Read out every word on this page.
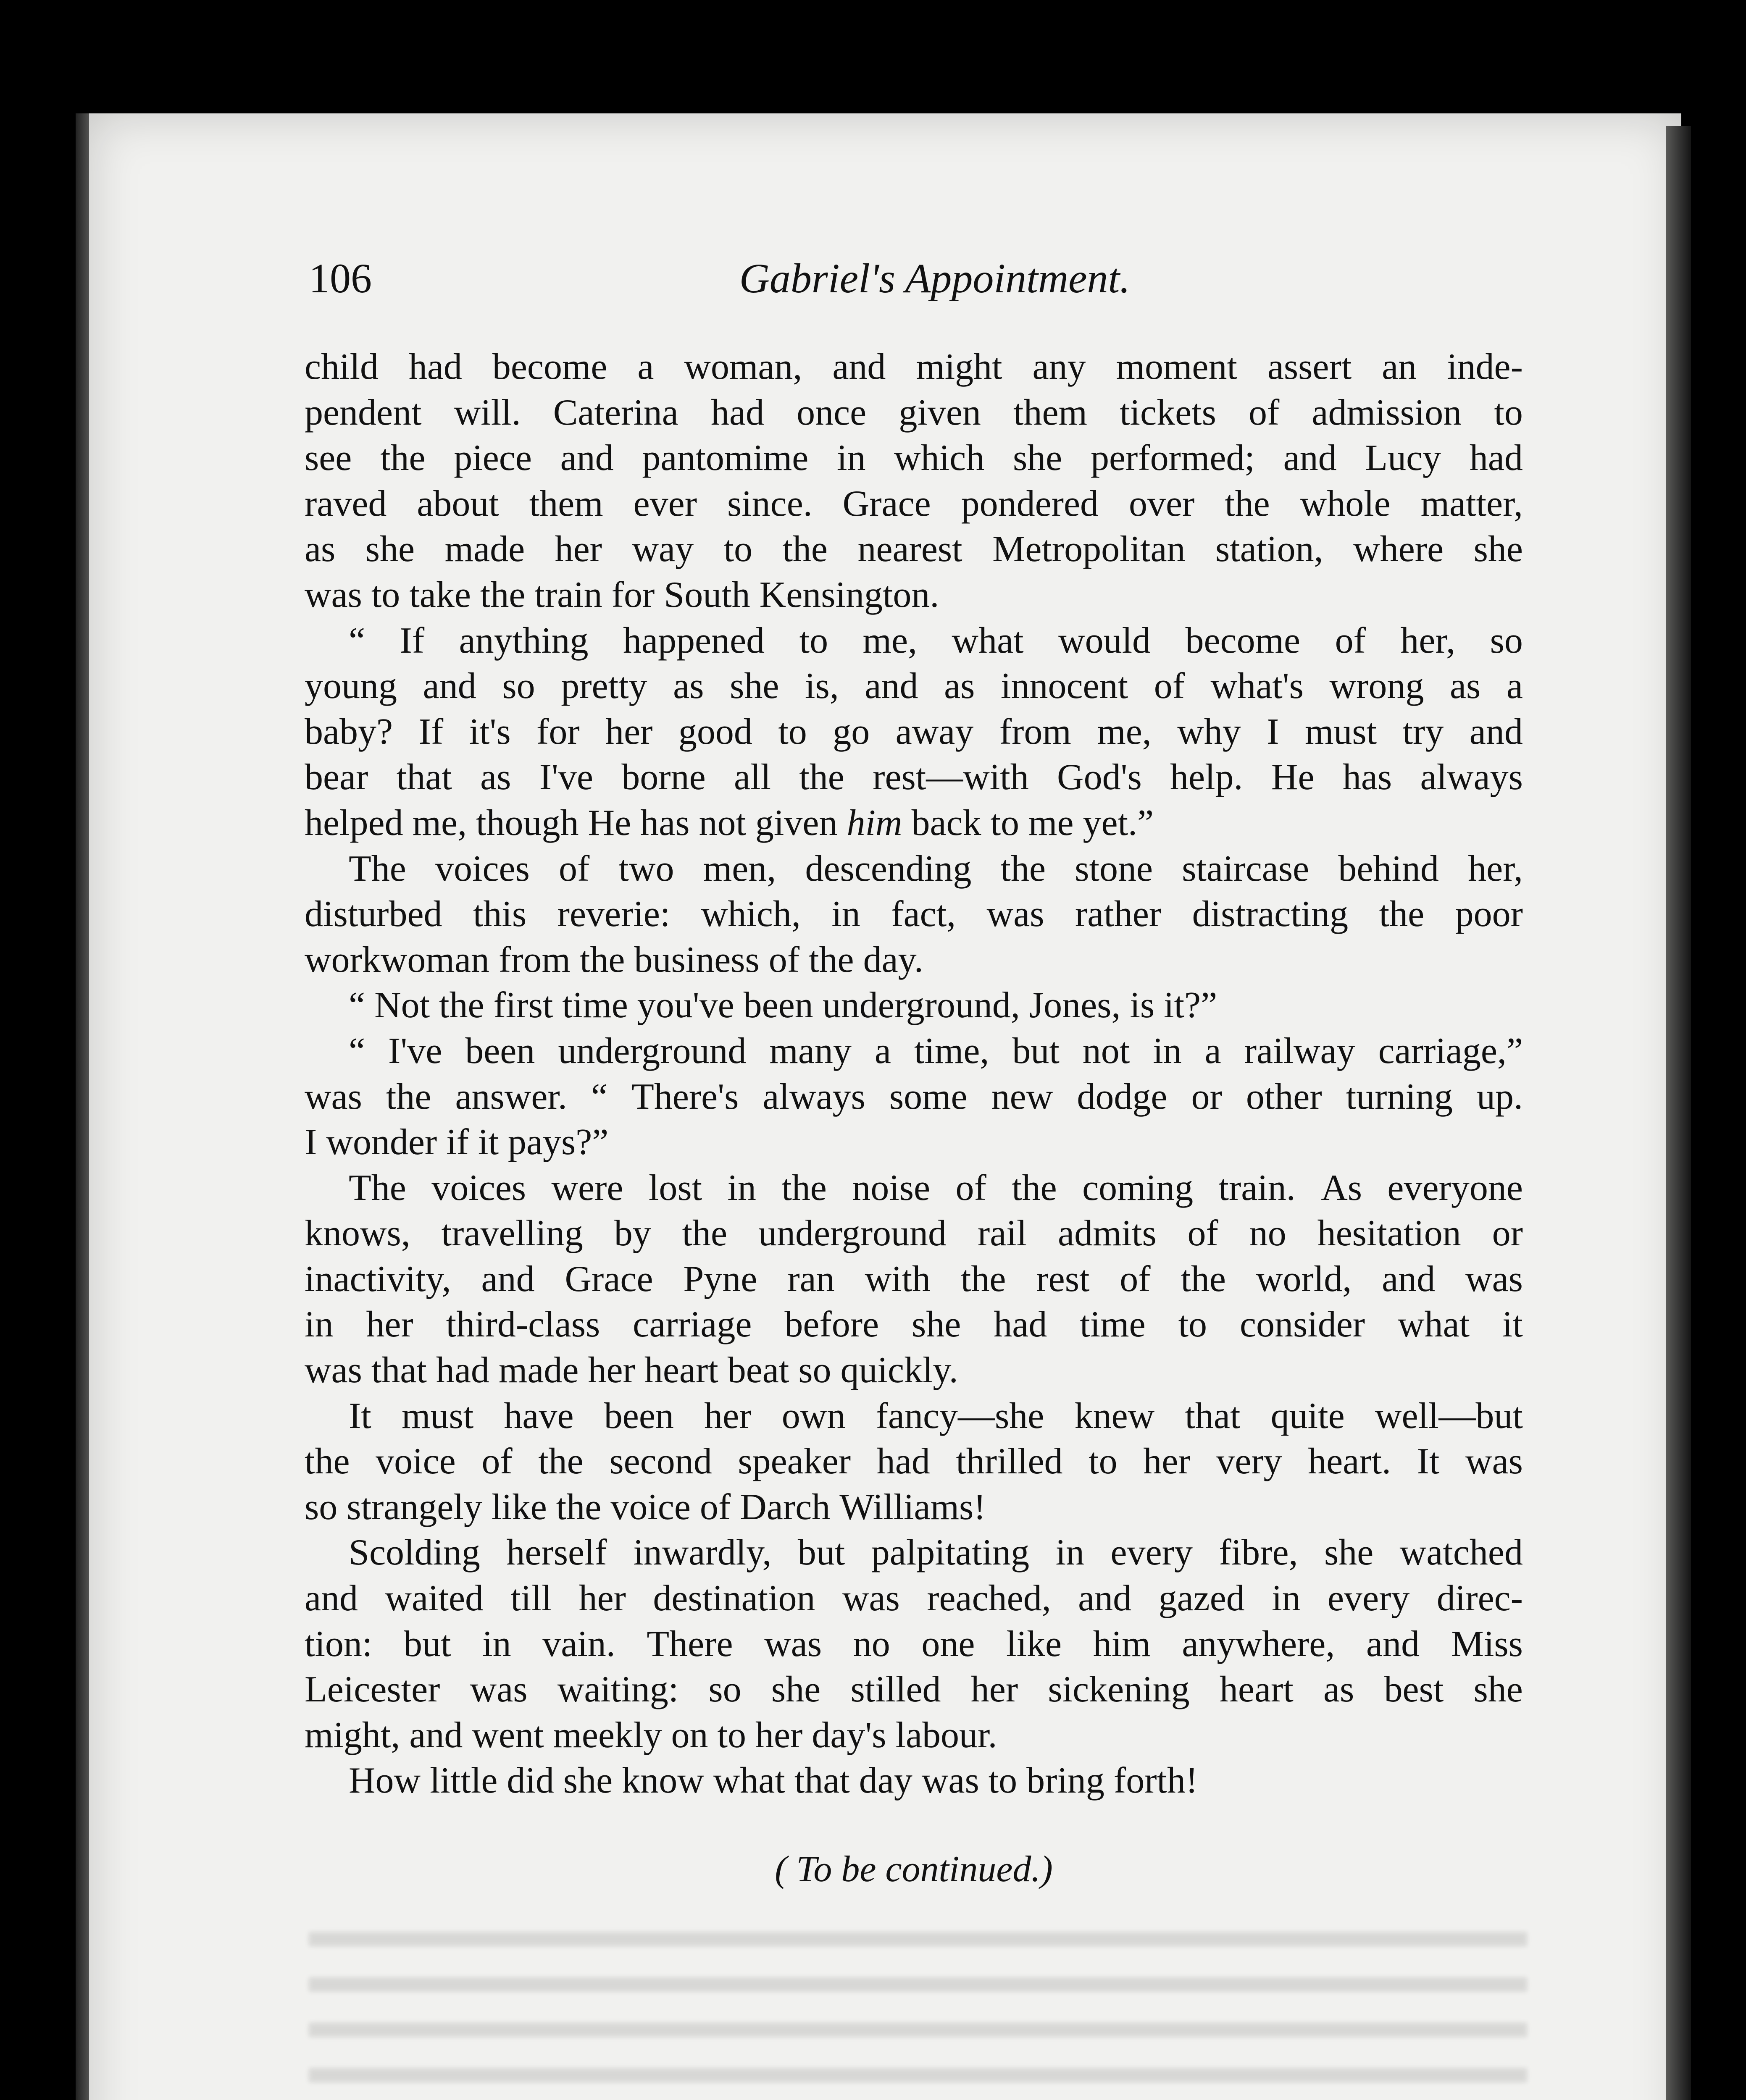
106	Gabriel's Appointment.
child had become a woman, and might any moment assert an inde-
pendent will. Caterina had once given them tickets of admission to
see the piece and pantomime in which she performed; and Lucy had
raved about them ever since. Grace pondered over the whole matter,
as she made her way to the nearest Metropolitan station, where she
was to take the train for South Kensington.
“ If anything happened to me, what would become of her, so
young and so pretty as she is, and as innocent of what's wrong as a
baby? If it's for her good to go away from me, why I must try and
bear that as I've borne all the rest—with God's help. He has always
helped me, though He has not given him back to me yet.”
The voices of two men, descending the stone staircase behind her,
disturbed this reverie: which, in fact, was rather distracting the poor
workwoman from the business of the day.
“ Not the first time you've been underground, Jones, is it?”
“ I've been underground many a time, but not in a railway carriage,”
was the answer. “ There's always some new dodge or other turning up.
I wonder if it pays?”
The voices were lost in the noise of the coming train. As everyone
knows, travelling by the underground rail admits of no hesitation or
inactivity, and Grace Pyne ran with the rest of the world, and was
in her third-class carriage before she had time to consider what it
was that had made her heart beat so quickly.
It must have been her own fancy—she knew that quite well—but
the voice of the second speaker had thrilled to her very heart. It was
so strangely like the voice of Darch Williams!
Scolding herself inwardly, but palpitating in every fibre, she watched
and waited till her destination was reached, and gazed in every direc-
tion: but in vain. There was no one like him anywhere, and Miss
Leicester was waiting: so she stilled her sickening heart as best she
might, and went meekly on to her day's labour.
How little did she know what that day was to bring forth!
( To be continued.)
